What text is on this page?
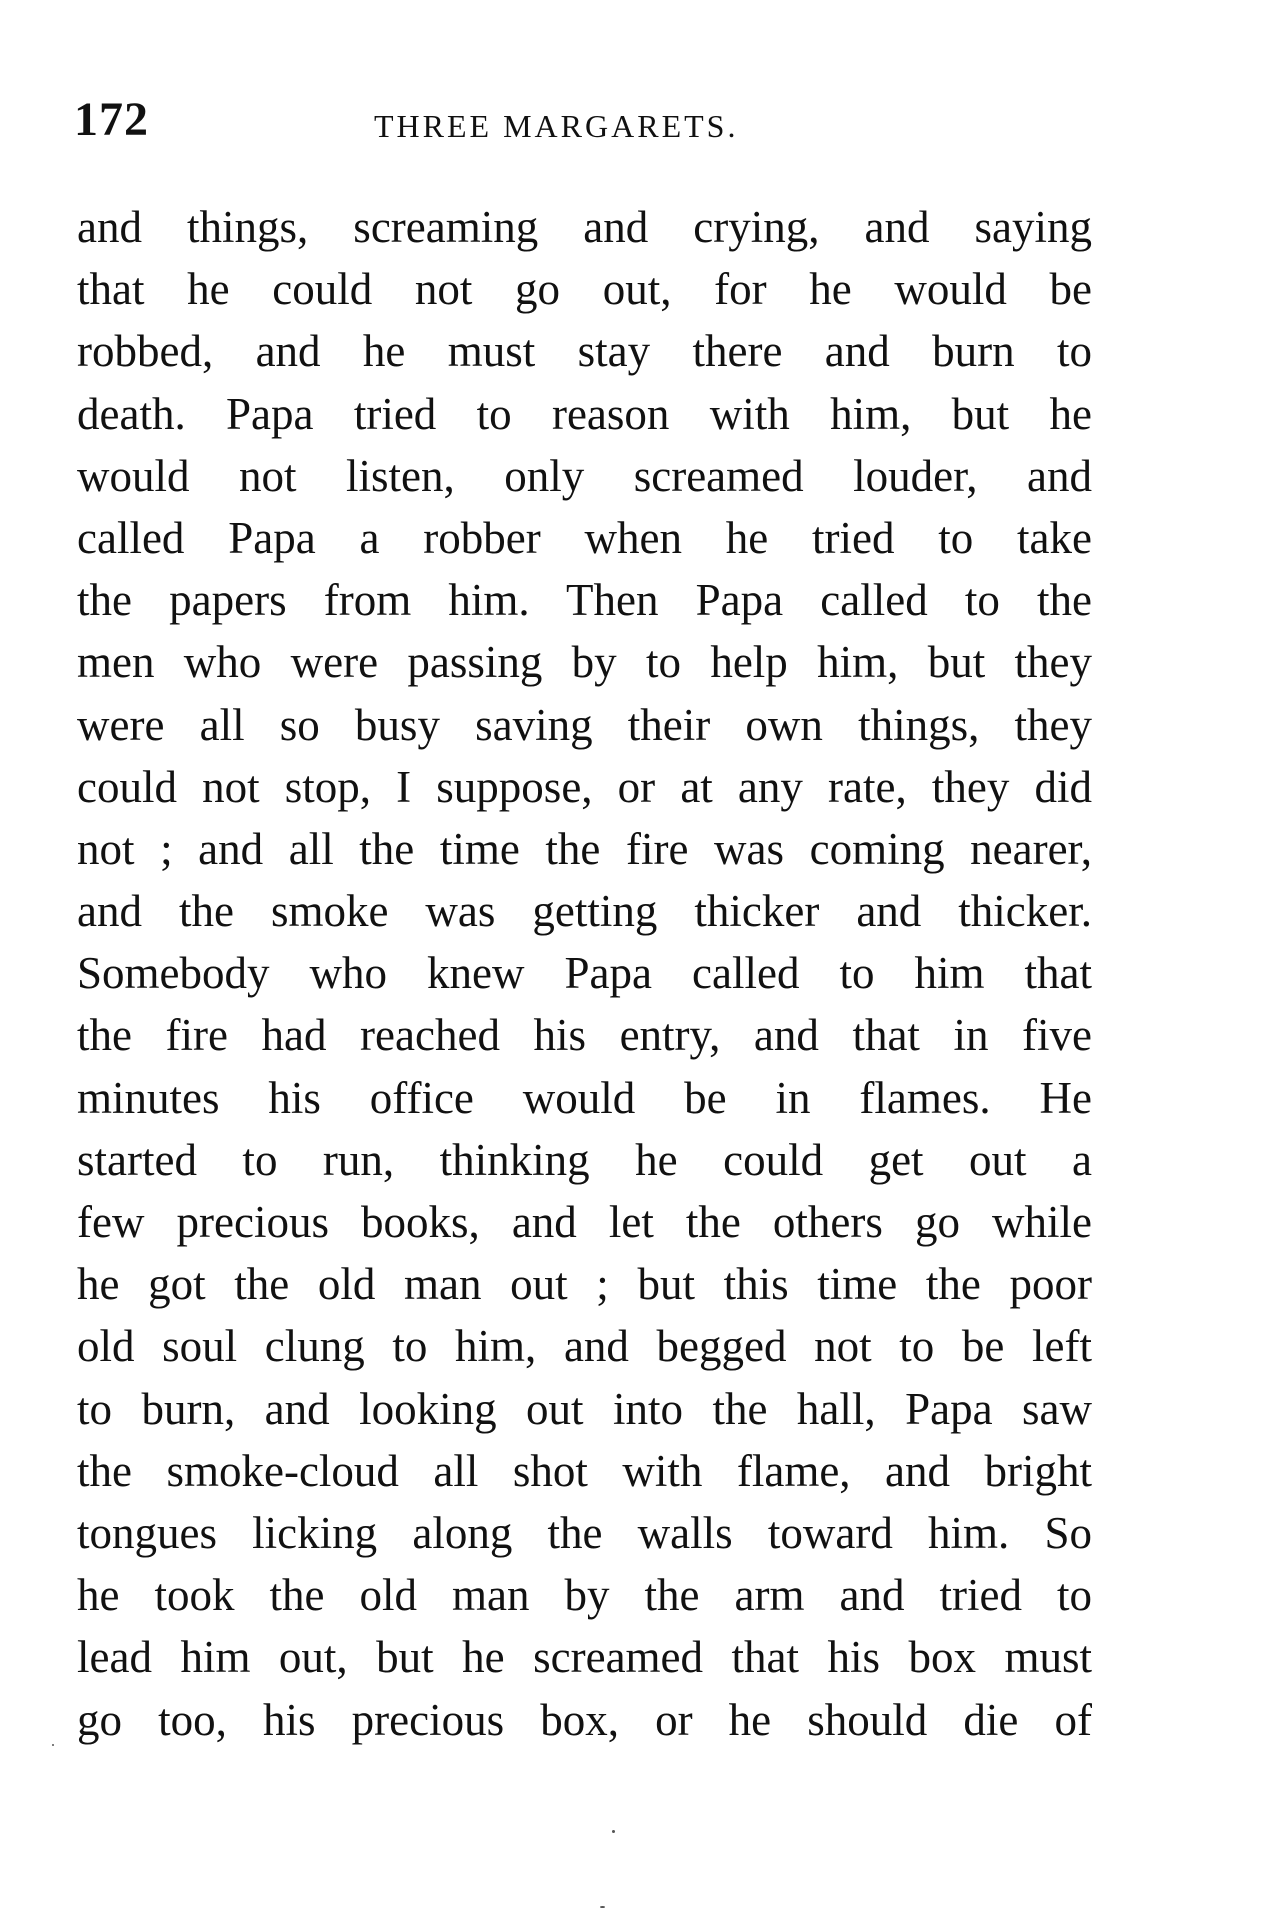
172	THREE MARGARETS.
and things, screaming and crying, and saying
that he could not go out, for he would be
robbed, and he must stay there and burn to
death. Papa tried to reason with him, but he
would not listen, only screamed louder, and
called Papa a robber when he tried to take
the papers from him. Then Papa called to the
men who were passing by to help him, but they
were all so busy saving their own things, they
could not stop, I suppose, or at any rate, they did
not ; and all the time the fire was coming nearer,
and the smoke was getting thicker and thicker.
Somebody who knew Papa called to him that
the fire had reached his entry, and that in five
minutes his office would be in flames. He
started to run, thinking he could get out a
few precious books, and let the others go while
he got the old man out ; but this time the poor
old soul clung to him, and begged not to be left
to burn, and looking out into the hall, Papa saw
the smoke-cloud all shot with flame, and bright
tongues licking along the walls toward him. So
he took the old man by the arm and tried to
lead him out, but he screamed that his box must
go too, his precious box, or he should die of
